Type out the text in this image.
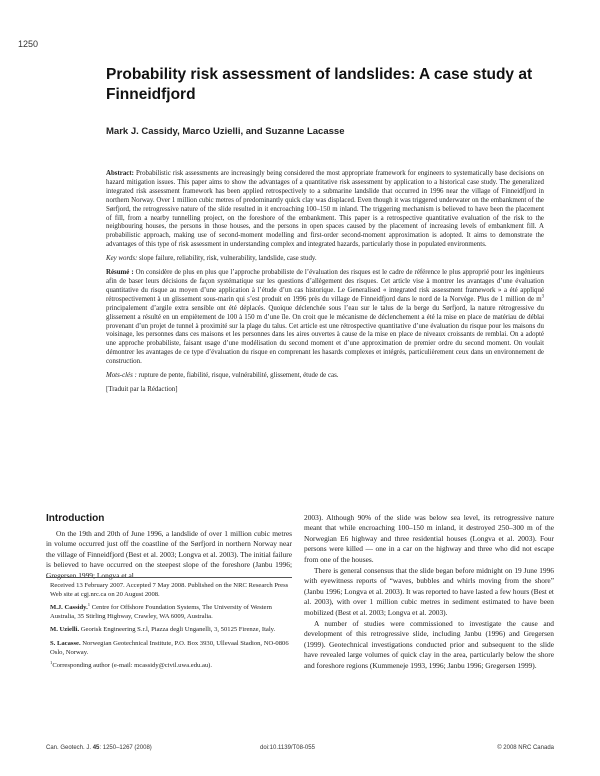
1250
Probability risk assessment of landslides: A case study at Finneidfjord
Mark J. Cassidy, Marco Uzielli, and Suzanne Lacasse

Abstract: Probabilistic risk assessments are increasingly being considered the most appropriate framework for engineers to systematically base decisions on hazard mitigation issues. This paper aims to show the advantages of a quantitative risk assessment by application to a historical case study. The generalized integrated risk assessment framework has been applied retrospectively to a submarine landslide that occurred in 1996 near the village of Finneidfjord in northern Norway. Over 1 million cubic metres of predominantly quick clay was displaced. Even though it was triggered underwater on the embankment of the Sørfjord, the retrogressive nature of the slide resulted in it encroaching 100–150 m inland. The triggering mechanism is believed to have been the placement of fill, from a nearby tunnelling project, on the foreshore of the embankment. This paper is a retrospective quantitative evaluation of the risk to the neighbouring houses, the persons in those houses, and the persons in open spaces caused by the placement of increasing levels of embankment fill. A probabilistic approach, making use of second-moment modelling and first-order second-moment approximation is adopted. It aims to demonstrate the advantages of this type of risk assessment in understanding complex and integrated hazards, particularly those in populated environments.

Key words: slope failure, reliability, risk, vulnerability, landslide, case study.

Résumé : On considère de plus en plus que l’approche probabiliste de l’évaluation des risques est le cadre de référence le plus approprié pour les ingénieurs afin de baser leurs décisions de façon systématique sur les questions d’allègement des risques. Cet article vise à montrer les avantages d’une évaluation quantitative du risque au moyen d’une application à l’étude d’un cas historique. Le Generalised « integrated risk assessment framework » a été appliqué rétrospectivement à un glissement sous-marin qui s’est produit en 1996 près du village de Finneidfjord dans le nord de la Norvège. Plus de 1 million de $m^3$ principalement d’argile extra sensible ont été déplacés. Quoique déclenchée sous l’eau sur le talus de la berge du Sørfjord, la nature rétrogressive du glissement a résulté en un empiètement de 100 à 150 m d’une île. On croit que le mécanisme de déclenchement a été la mise en place de matériau de déblai provenant d’un projet de tunnel à proximité sur la plage du talus. Cet article est une rétrospective quantitative d’une évaluation du risque pour les maisons du voisinage, les personnes dans ces maisons et les personnes dans les aires ouvertes à cause de la mise en place de niveaux croissants de remblai. On a adopté une approche probabiliste, faisant usage d’une modélisation du second moment et d’une approximation de premier ordre du second moment. On voulait démontrer les avantages de ce type d’évaluation du risque en comprenant les hasards complexes et intégrés, particulièrement ceux dans un environnement de construction.

Mots-clés : rupture de pente, fiabilité, risque, vulnérabilité, glissement, étude de cas.

[Traduit par la Rédaction]

Introduction

On the 19th and 20th of June 1996, a landslide of over 1 million cubic metres in volume occurred just off the coastline of the Sørfjord in northern Norway near the village of Finneidfjord (Best et al. 2003; Longva et al. 2003). The initial failure is believed to have occurred on the steepest slope of the foreshore (Janbu 1996; Gregersen 1999; Longva et al.

Received 13 February 2007. Accepted 7 May 2008. Published on the NRC Research Press Web site at cgj.nrc.ca on 20 August 2008.

M.J. Cassidy.$^1$ Centre for Offshore Foundation Systems, The University of Western Australia, 35 Stirling Highway, Crawley, WA 6009, Australia.

M. Uzielli. Georisk Engineering S.r.l, Piazza degli Unganelli, 3, 50125 Firenze, Italy.

S. Lacasse. Norwegian Geotechnical Institute, P.O. Box 3930, Ullevaal Stadion, NO-0806 Oslo, Norway.

$^1$Corresponding author (e-mail: mcassidy@civil.uwa.edu.au).

2003). Although 90% of the slide was below sea level, its retrogressive nature meant that while encroaching 100–150 m inland, it destroyed 250–300 m of the Norwegian E6 highway and three residential houses (Longva et al. 2003). Four persons were killed — one in a car on the highway and three who did not escape from one of the houses.

There is general consensus that the slide began before midnight on 19 June 1996 with eyewitness reports of “waves, bubbles and whirls moving from the shore” (Janbu 1996; Longva et al. 2003). It was reported to have lasted a few hours (Best et al. 2003), with over 1 million cubic metres in sediment estimated to have been mobilized (Best et al. 2003; Longva et al. 2003).

A number of studies were commissioned to investigate the cause and development of this retrogressive slide, including Janbu (1996) and Gregersen (1999). Geotechnical investigations conducted prior and subsequent to the slide have revealed large volumes of quick clay in the area, particularly below the shore and foreshore regions (Kummeneje 1993, 1996; Janbu 1996; Gregersen 1999).

Can. Geotech. J. 45: 1250–1267 (2008)	doi:10.1139/T08-055	© 2008 NRC Canada
